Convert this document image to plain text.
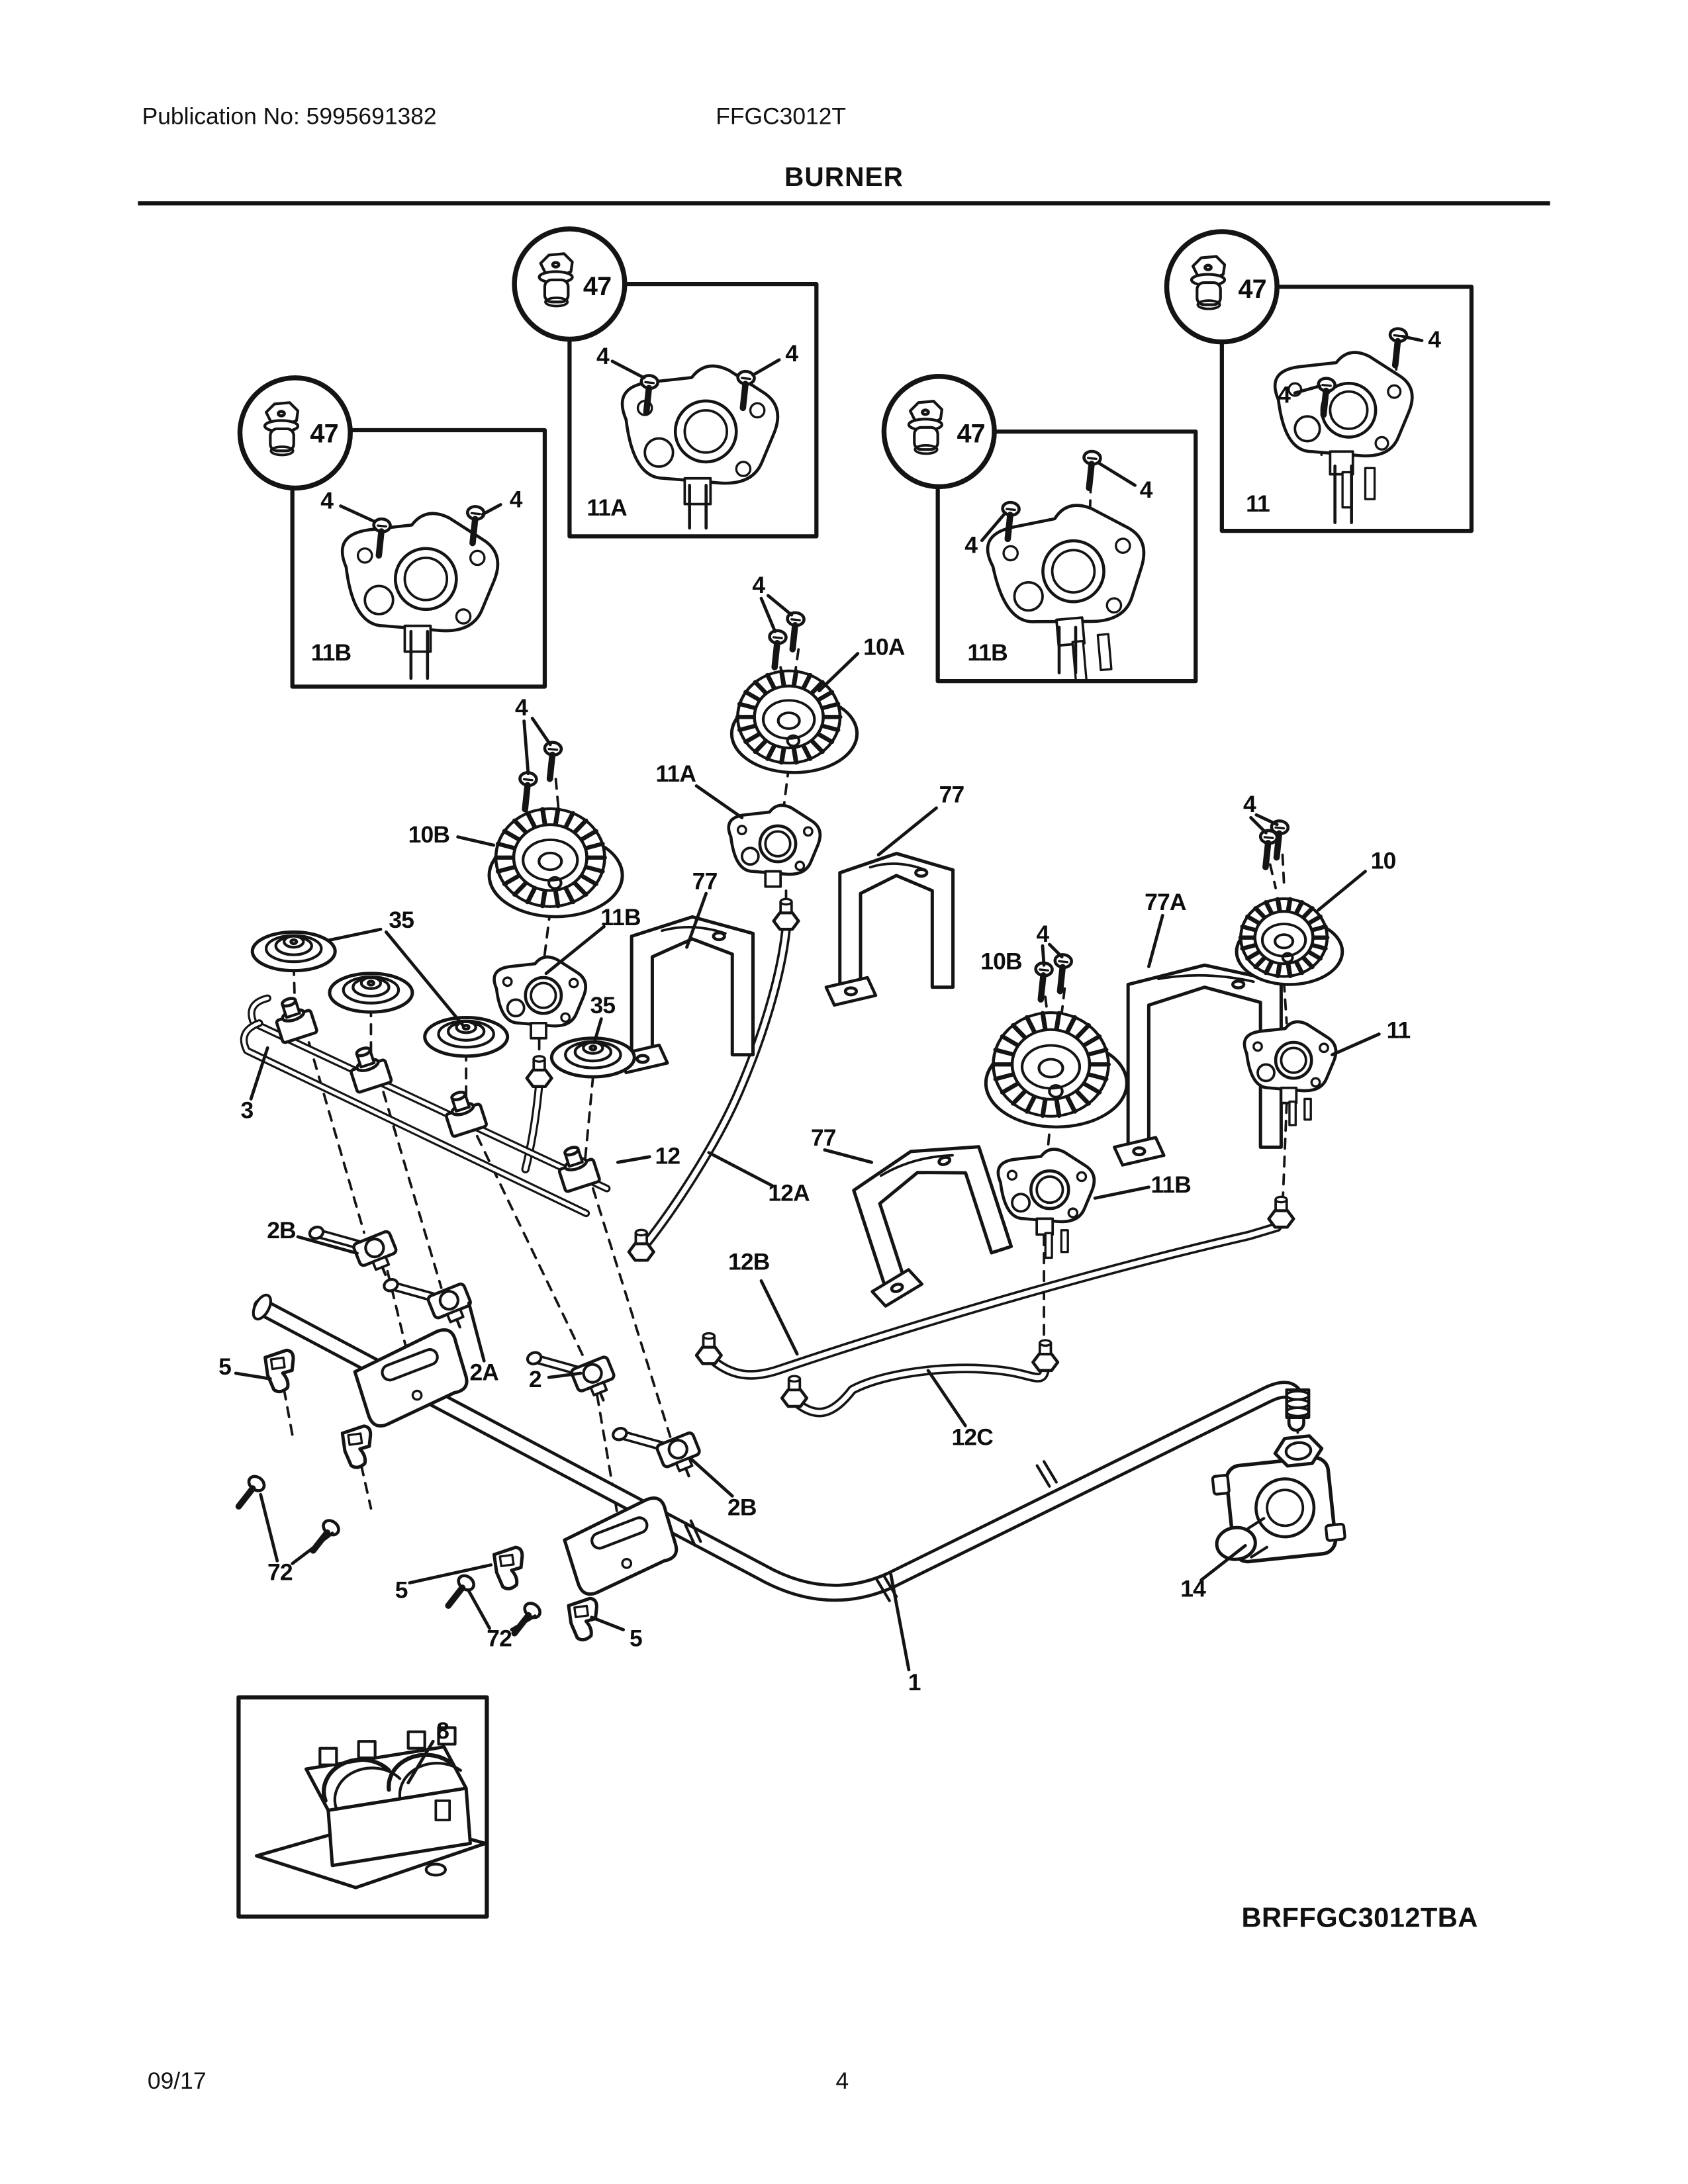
Publication No: 5995691382	FFGC3012T
BURNER
47
47	47
47
11A
4	4
11B
4	4
11B
4
4
11
4
4
4
10B
4
10A
11A
11B
35
35
3
77
77
77
77A
12
12A
12B
12C
10B
4
10
4
11
11B
2B
2A	2
2B
5
5
5
72
72
1
14
8
BRFFGC3012TBA
09/17	4
